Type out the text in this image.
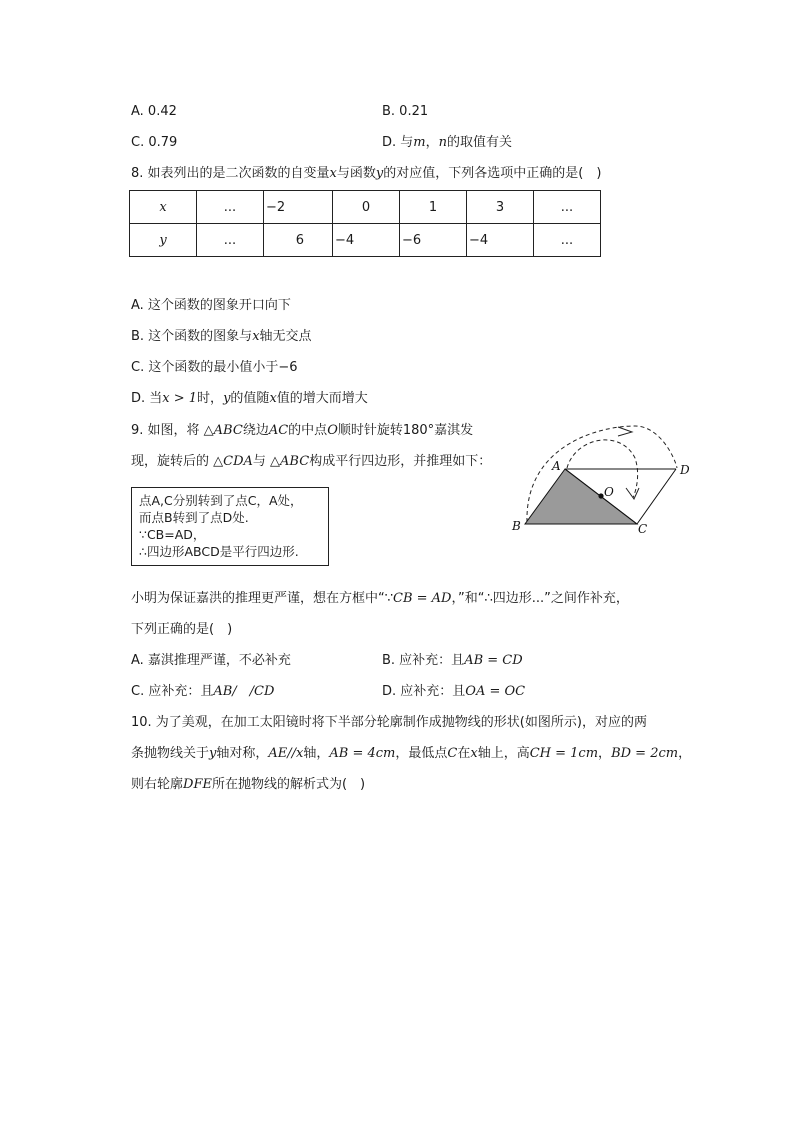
A. 0.42	B. 0.21
C. 0.79	D. 与m，n的取值有关
8. 如表列出的是二次函数的自变量x与函数y的对应值，下列各选项中正确的是(　)
x	...	−2	0	1	3	...
y	...	6	−4	−6	−4	...
A. 这个函数的图象开口向下
B. 这个函数的图象与x轴无交点
C. 这个函数的最小值小于−6
D. 当x > 1时，y的值随x值的增大而增大
9. 如图，将 △ABC绕边AC的中点O顺时针旋转180°嘉淇发
现，旋转后的 △CDA与 △ABC构成平行四边形，并推理如下：
点A,C分别转到了点C，A处，
而点B转到了点D处.
∵CB=AD，
∴四边形ABCD是平行四边形.
A
B	C
D
O
小明为保证嘉洪的推理更严谨，想在方框中“∵CB = AD，”和“∴四边形...”之间作补充，
下列正确的是(　)
A. 嘉淇推理严谨，不必补充	B. 应补充：且AB = CD
C. 应补充：且AB/　/CD	D. 应补充：且OA = OC
10. 为了美观，在加工太阳镜时将下半部分轮廓制作成抛物线的形状(如图所示)，对应的两
条抛物线关于y轴对称，AE//x轴，AB = 4cm，最低点C在x轴上，高CH = 1cm，BD = 2cm，
则右轮廓DFE所在抛物线的解析式为(　)
